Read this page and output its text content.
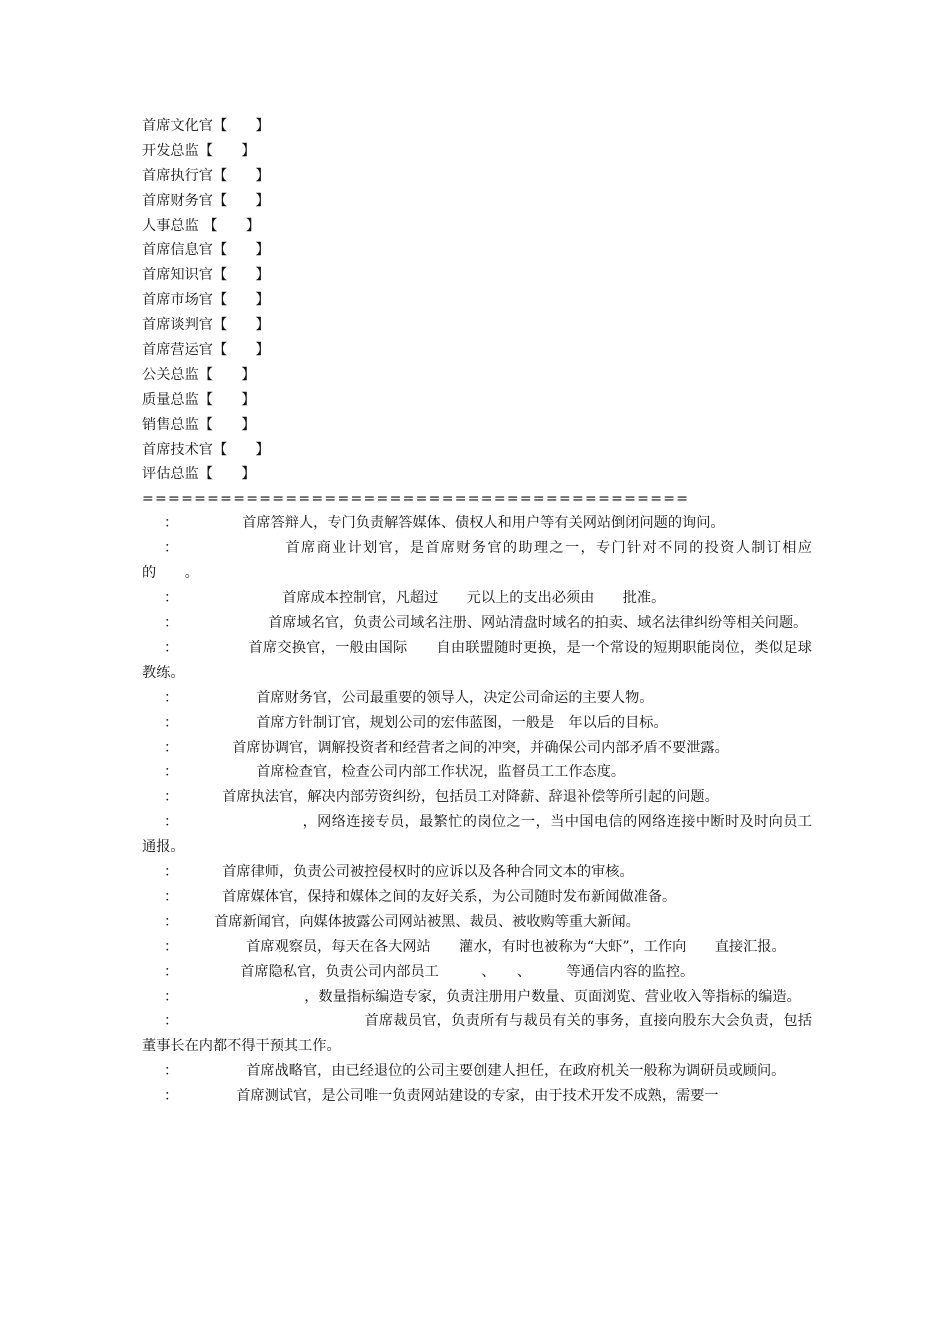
首席文化官【　　】
开发总监【　　】
首席执行官【　　】
首席财务官【　　】
人事总监 【　　】
首席信息官【　　】
首席知识官【　　】
首席市场官【　　】
首席谈判官【　　】
首席营运官【　　】
公关总监【　　】
质量总监【　　】
销售总监【　　】
首席技术官【　　】
评估总监【　　】
==========================================
：	首席答辩人，专门负责解答媒体、债权人和用户等有关网站倒闭问题的询问。
：	首席商业计划官，是首席财务官的助理之一，专门针对不同的投资人制订相应的　　。
：	首席成本控制官，凡超过　　元以上的支出必须由　　批准。
：	首席域名官，负责公司域名注册、网站清盘时域名的拍卖、域名法律纠纷等相关问题。
：	首席交换官，一般由国际　　自由联盟随时更换，是一个常设的短期职能岗位，类似足球教练。
：	首席财务官，公司最重要的领导人，决定公司命运的主要人物。
：	首席方针制订官，规划公司的宏伟蓝图，一般是　年以后的目标。
：	首席协调官，调解投资者和经营者之间的冲突，并确保公司内部矛盾不要泄露。
：	首席检查官，检查公司内部工作状况，监督员工工作态度。
：	首席执法官，解决内部劳资纠纷，包括员工对降薪、辞退补偿等所引起的问题。
：	，网络连接专员，最繁忙的岗位之一，当中国电信的网络连接中断时及时向员工通报。
：	首席律师，负责公司被控侵权时的应诉以及各种合同文本的审核。
：	首席媒体官，保持和媒体之间的友好关系，为公司随时发布新闻做准备。
：	首席新闻官，向媒体披露公司网站被黑、裁员、被收购等重大新闻。
：	首席观察员，每天在各大网站　　灌水，有时也被称为“大虾”，工作向　　直接汇报。
：	首席隐私官，负责公司内部员工　　　、　　、　　　等通信内容的监控。
：	，数量指标编造专家，负责注册用户数量、页面浏览、营业收入等指标的编造。
：	首席裁员官，负责所有与裁员有关的事务，直接向股东大会负责，包括董事长在内都不得干预其工作。
：	首席战略官，由已经退位的公司主要创建人担任，在政府机关一般称为调研员或顾问。
：	首席测试官，是公司唯一负责网站建设的专家，由于技术开发不成熟，需要一
